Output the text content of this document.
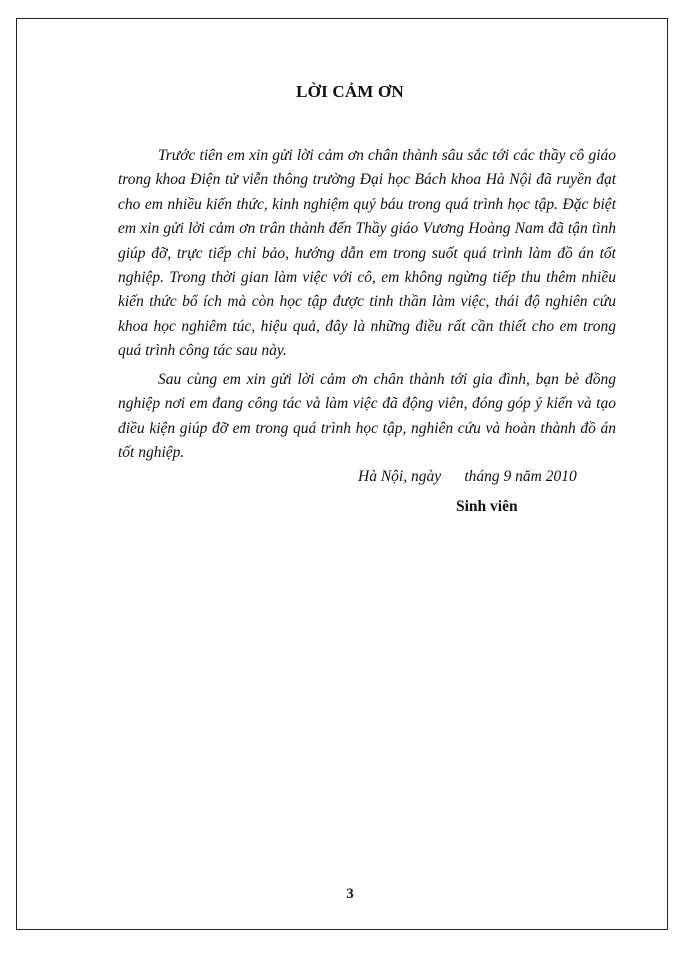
LỜI CẢM ƠN

Trước tiên em xin gửi lời cảm ơn chân thành sâu sắc tới các thầy cô giáo trong khoa Điện tử viễn thông trường Đại học Bách khoa Hà Nội đã ruyền đạt cho em nhiều kiến thức, kinh nghiệm quý báu trong quá trình học tập. Đặc biệt em xin gửi lời cảm ơn trân thành đến Thầy giáo Vương Hoàng Nam đã tận tình giúp đỡ, trực tiếp chỉ bảo, hướng dẫn em trong suốt quá trình làm đồ án tốt nghiệp. Trong thời gian làm việc với cô, em không ngừng tiếp thu thêm nhiều kiến thức bổ ích mà còn học tập được tinh thần làm việc, thái độ nghiên cứu khoa học nghiêm túc, hiệu quả, đây là những điều rất cần thiết cho em trong quá trình công tác sau này.

Sau cùng em xin gửi lời cảm ơn chân thành tới gia đình, bạn bè đồng nghiệp nơi em đang công tác và làm việc đã động viên, đóng góp ý kiến và tạo điều kiện giúp đỡ em trong quá trình học tập, nghiên cứu và hoàn thành đồ án tốt nghiệp.

Hà Nội, ngày      tháng 9 năm 2010
Sinh viên
3
